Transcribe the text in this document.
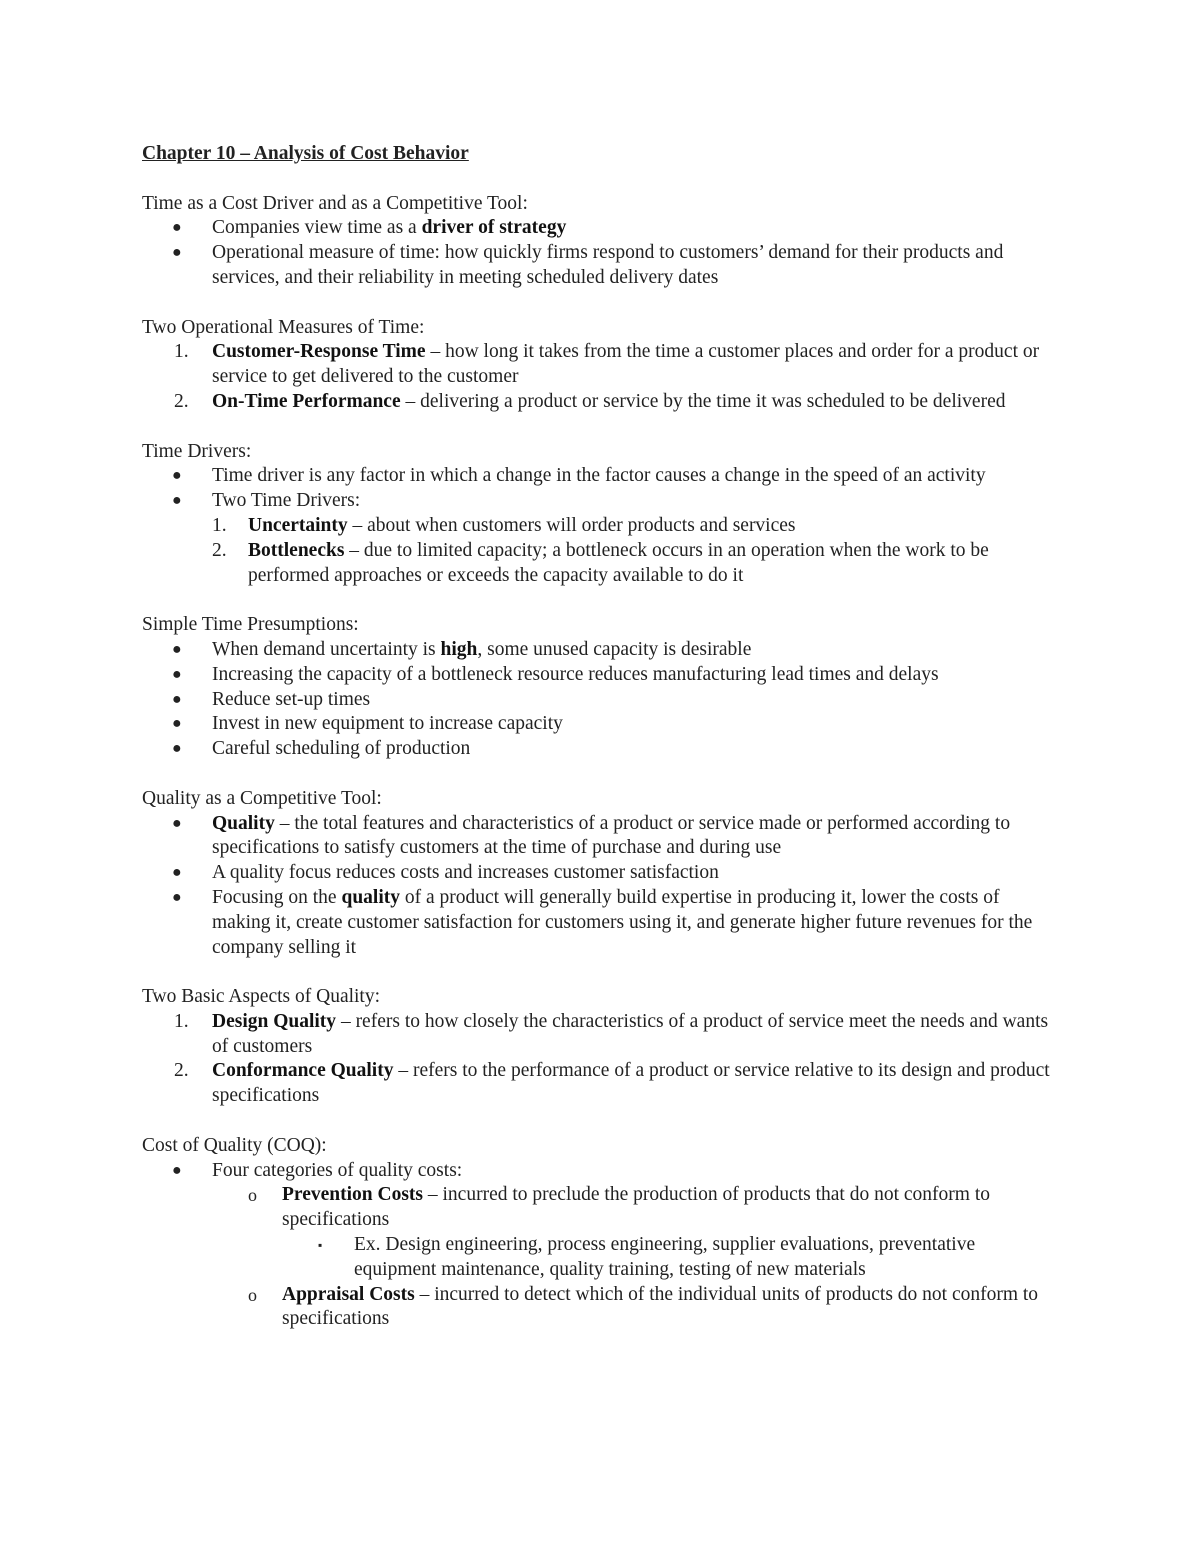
Chapter 10 – Analysis of Cost Behavior

Time as a Cost Driver and as a Competitive Tool:

●	Companies view time as a driver of strategy
●	Operational measure of time: how quickly firms respond to customers’ demand for their products and services, and their reliability in meeting scheduled delivery dates

Two Operational Measures of Time:

1.	Customer-Response Time – how long it takes from the time a customer places and order for a product or service to get delivered to the customer
2.	On-Time Performance – delivering a product or service by the time it was scheduled to be delivered

Time Drivers:

●	Time driver is any factor in which a change in the factor causes a change in the speed of an activity
●	Two Time Drivers:
1.	Uncertainty – about when customers will order products and services
2.	Bottlenecks – due to limited capacity; a bottleneck occurs in an operation when the work to be performed approaches or exceeds the capacity available to do it

Simple Time Presumptions:

●	When demand uncertainty is high, some unused capacity is desirable
●	Increasing the capacity of a bottleneck resource reduces manufacturing lead times and delays
●	Reduce set-up times
●	Invest in new equipment to increase capacity
●	Careful scheduling of production

Quality as a Competitive Tool:

●	Quality – the total features and characteristics of a product or service made or performed according to specifications to satisfy customers at the time of purchase and during use
●	A quality focus reduces costs and increases customer satisfaction
●	Focusing on the quality of a product will generally build expertise in producing it, lower the costs of making it, create customer satisfaction for customers using it, and generate higher future revenues for the company selling it

Two Basic Aspects of Quality:

1.	Design Quality – refers to how closely the characteristics of a product of service meet the needs and wants of customers
2.	Conformance Quality – refers to the performance of a product or service relative to its design and product specifications

Cost of Quality (COQ):

●	Four categories of quality costs:
o	Prevention Costs – incurred to preclude the production of products that do not conform to specifications
▪	Ex. Design engineering, process engineering, supplier evaluations, preventative equipment maintenance, quality training, testing of new materials
o	Appraisal Costs – incurred to detect which of the individual units of products do not conform to specifications
